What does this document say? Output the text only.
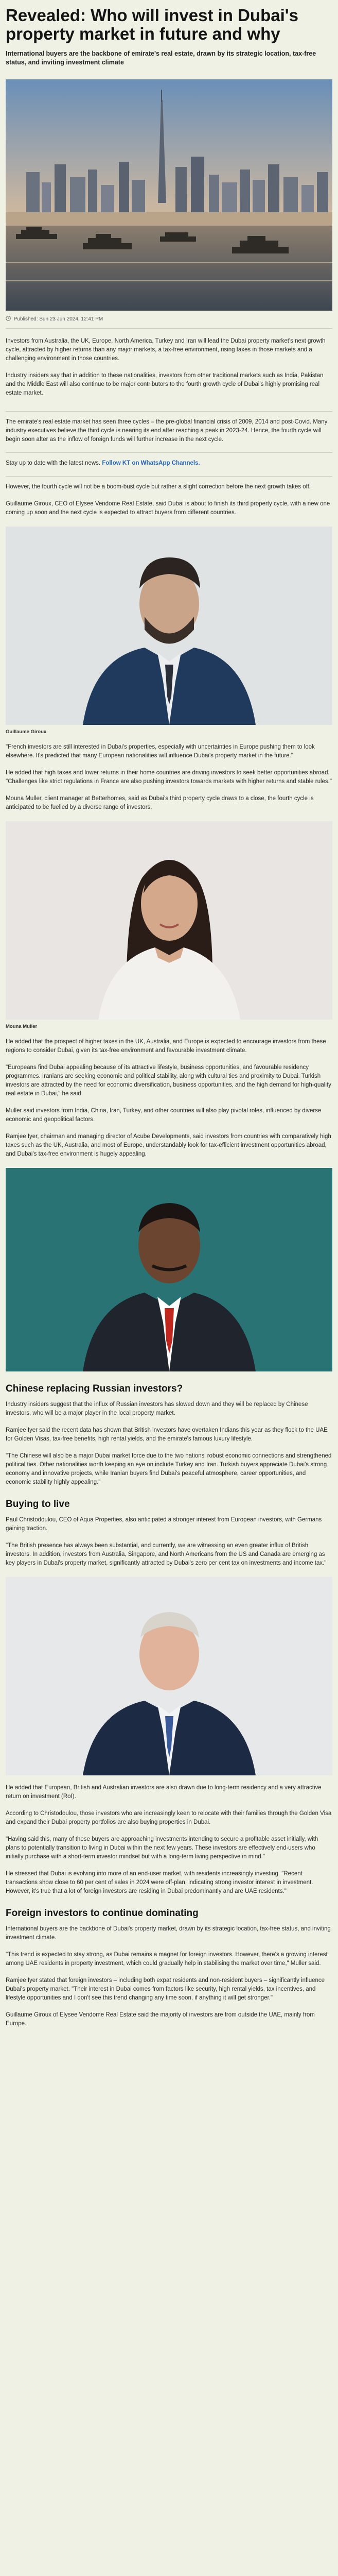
Revealed: Who will invest in Dubai's property market in future and why

International buyers are the backbone of emirate's real estate, drawn by its strategic location, tax-free status, and inviting investment climate

Published: Sun 23 Jun 2024, 12:41 PM

Investors from Australia, the UK, Europe, North America, Turkey and Iran will lead the Dubai property market's next growth cycle, attracted by higher returns than any major markets, a tax-free environment, rising taxes in those markets and a challenging environment in those countries.

Industry insiders say that in addition to these nationalities, investors from other traditional markets such as India, Pakistan and the Middle East will also continue to be major contributors to the fourth growth cycle of Dubai's highly promising real estate market.

The emirate's real estate market has seen three cycles – the pre-global financial crisis of 2009, 2014 and post-Covid. Many industry executives believe the third cycle is nearing its end after reaching a peak in 2023-24. Hence, the fourth cycle will begin soon after as the inflow of foreign funds will further increase in the next cycle.

Stay up to date with the latest news. Follow KT on WhatsApp Channels.

However, the fourth cycle will not be a boom-bust cycle but rather a slight correction before the next growth takes off.

Guillaume Giroux, CEO of Elysee Vendome Real Estate, said Dubai is about to finish its third property cycle, with a new one coming up soon and the next cycle is expected to attract buyers from different countries.

Guillaume Giroux

"French investors are still interested in Dubai's properties, especially with uncertainties in Europe pushing them to look elsewhere. It's predicted that many European nationalities will influence Dubai's property market in the future."

He added that high taxes and lower returns in their home countries are driving investors to seek better opportunities abroad. "Challenges like strict regulations in France are also pushing investors towards markets with higher returns and stable rules."

Mouna Muller, client manager at Betterhomes, said as Dubai's third property cycle draws to a close, the fourth cycle is anticipated to be fuelled by a diverse range of investors.

Mouna Muller

He added that the prospect of higher taxes in the UK, Australia, and Europe is expected to encourage investors from these regions to consider Dubai, given its tax-free environment and favourable investment climate.

"Europeans find Dubai appealing because of its attractive lifestyle, business opportunities, and favourable residency programmes. Iranians are seeking economic and political stability, along with cultural ties and proximity to Dubai. Turkish investors are attracted by the need for economic diversification, business opportunities, and the high demand for high-quality real estate in Dubai," he said.

Muller said investors from India, China, Iran, Turkey, and other countries will also play pivotal roles, influenced by diverse economic and geopolitical factors.

Ramjee Iyer, chairman and managing director of Acube Developments, said investors from countries with comparatively high taxes such as the UK, Australia, and most of Europe, understandably look for tax-efficient investment opportunities abroad, and Dubai's tax-free environment is hugely appealing.

Chinese replacing Russian investors?

Industry insiders suggest that the influx of Russian investors has slowed down and they will be replaced by Chinese investors, who will be a major player in the local property market.

Ramjee Iyer said the recent data has shown that British investors have overtaken Indians this year as they flock to the UAE for Golden Visas, tax-free benefits, high rental yields, and the emirate's famous luxury lifestyle.

"The Chinese will also be a major Dubai market force due to the two nations' robust economic connections and strengthened political ties. Other nationalities worth keeping an eye on include Turkey and Iran. Turkish buyers appreciate Dubai's strong economy and innovative projects, while Iranian buyers find Dubai's peaceful atmosphere, career opportunities, and economic stability highly appealing."

Buying to live

Paul Christodoulou, CEO of Aqua Properties, also anticipated a stronger interest from European investors, with Germans gaining traction.

"The British presence has always been substantial, and currently, we are witnessing an even greater influx of British investors. In addition, investors from Australia, Singapore, and North Americans from the US and Canada are emerging as key players in Dubai's property market, significantly attracted by Dubai's zero per cent tax on investments and income tax."

He added that European, British and Australian investors are also drawn due to long-term residency and a very attractive return on investment (RoI).

According to Christodoulou, those investors who are increasingly keen to relocate with their families through the Golden Visa and expand their Dubai property portfolios are also buying properties in Dubai.

"Having said this, many of these buyers are approaching investments intending to secure a profitable asset initially, with plans to potentially transition to living in Dubai within the next few years. These investors are effectively end-users who initially purchase with a short-term investor mindset but with a long-term living perspective in mind."

He stressed that Dubai is evolving into more of an end-user market, with residents increasingly investing. "Recent transactions show close to 60 per cent of sales in 2024 were off-plan, indicating strong investor interest in investment. However, it's true that a lot of foreign investors are residing in Dubai predominantly and are UAE residents."

Foreign investors to continue dominating

International buyers are the backbone of Dubai's property market, drawn by its strategic location, tax-free status, and inviting investment climate.

"This trend is expected to stay strong, as Dubai remains a magnet for foreign investors. However, there's a growing interest among UAE residents in property investment, which could gradually help in stabilising the market over time," Muller said.

Ramjee Iyer stated that foreign investors – including both expat residents and non-resident buyers – significantly influence Dubai's property market. "Their interest in Dubai comes from factors like security, high rental yields, tax incentives, and lifestyle opportunities and I don't see this trend changing any time soon, if anything it will get stronger."

Guillaume Giroux of Elysee Vendome Real Estate said the majority of investors are from outside the UAE, mainly from Europe.
